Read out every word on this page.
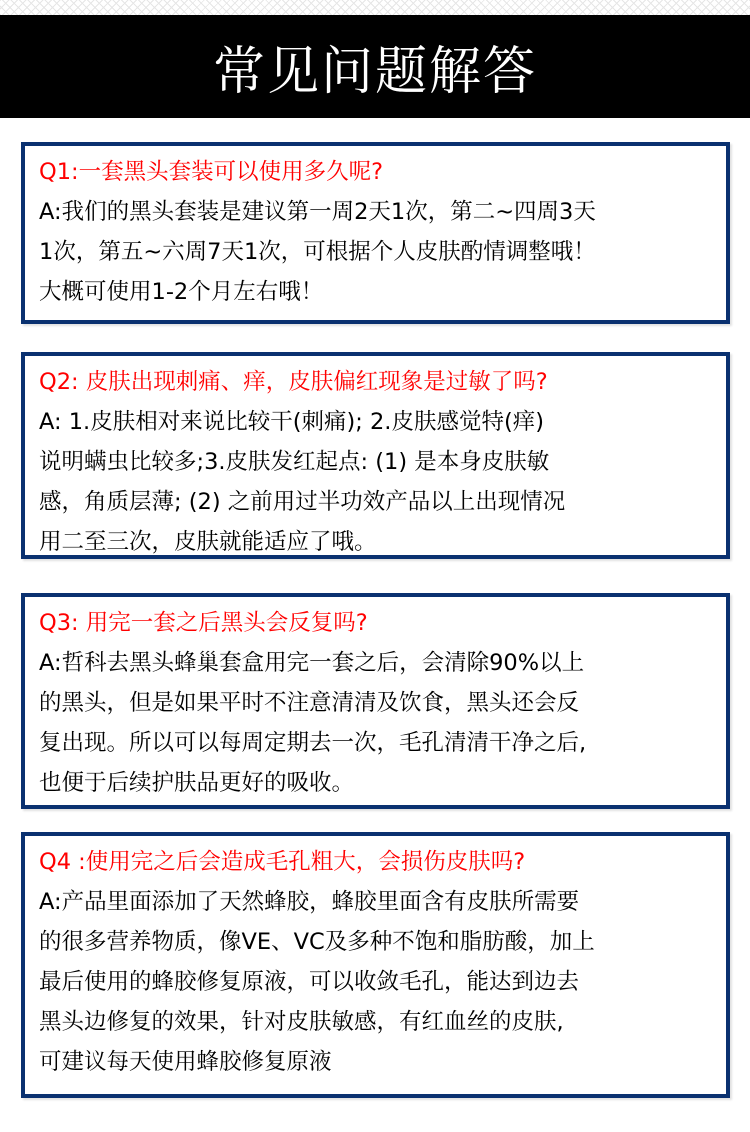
常见问题解答
Q1:一套黑头套装可以使用多久呢?
A:我们的黑头套装是建议第一周2天1次，第二~四周3天
1次，第五~六周7天1次，可根据个人皮肤酌情调整哦！
大概可使用1-2个月左右哦！
Q2: 皮肤出现刺痛、痒，皮肤偏红现象是过敏了吗?
A: 1.皮肤相对来说比较干(刺痛); 2.皮肤感觉特(痒)
说明螨虫比较多;3.皮肤发红起点: (1) 是本身皮肤敏
感，角质层薄; (2) 之前用过半功效产品以上出现情况
用二至三次，皮肤就能适应了哦。
Q3: 用完一套之后黑头会反复吗?
A:哲科去黑头蜂巢套盒用完一套之后，会清除90%以上
的黑头，但是如果平时不注意清清及饮食，黑头还会反
复出现。所以可以每周定期去一次，毛孔清清干净之后,
也便于后续护肤品更好的吸收。
Q4 :使用完之后会造成毛孔粗大，会损伤皮肤吗?
A:产品里面添加了天然蜂胶，蜂胶里面含有皮肤所需要
的很多营养物质，像VE、VC及多种不饱和脂肪酸，加上
最后使用的蜂胶修复原液，可以收敛毛孔，能达到边去
黑头边修复的效果，针对皮肤敏感，有红血丝的皮肤,
可建议每天使用蜂胶修复原液
